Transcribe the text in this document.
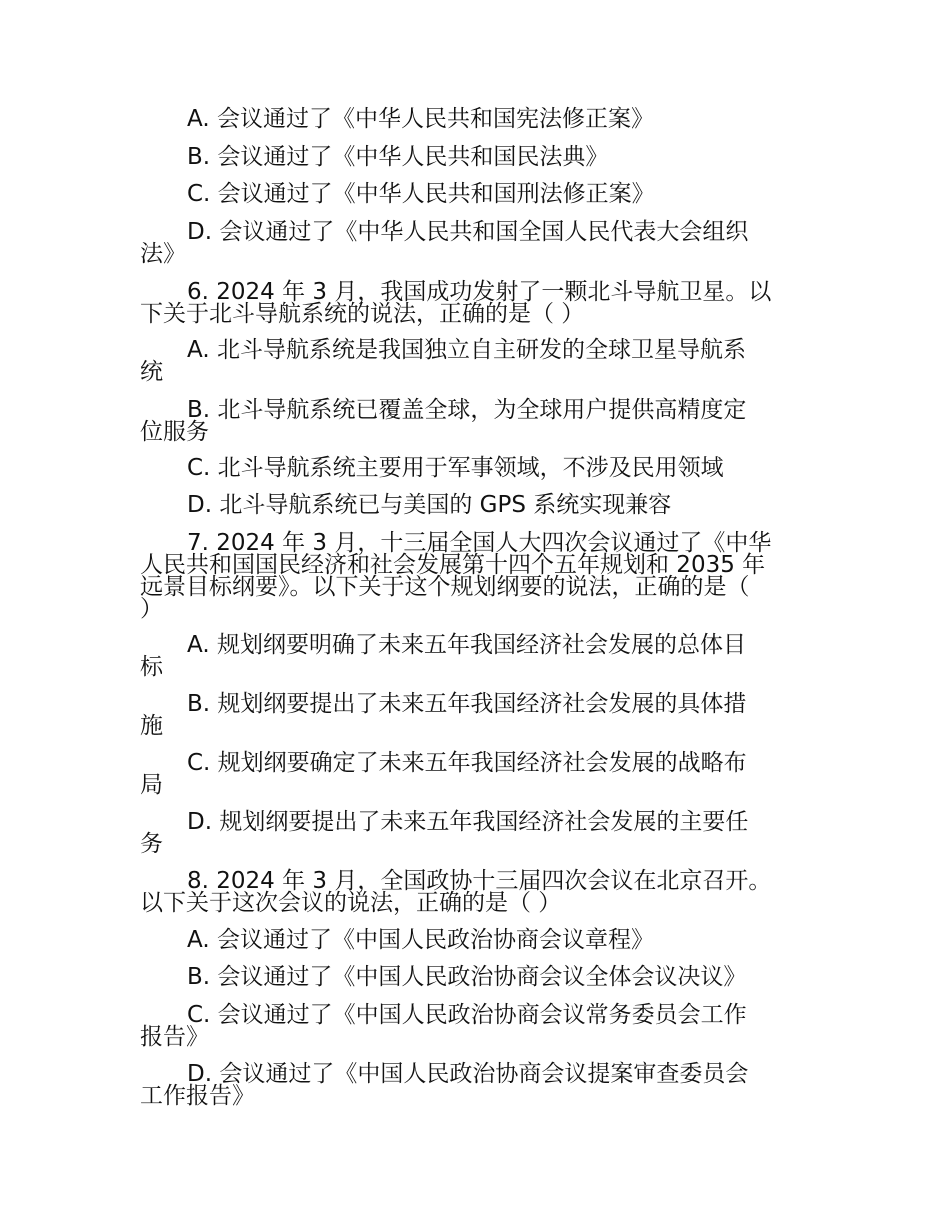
A. 会议通过了《中华人民共和国宪法修正案》
B. 会议通过了《中华人民共和国民法典》
C. 会议通过了《中华人民共和国刑法修正案》
D. 会议通过了《中华人民共和国全国人民代表大会组织
法》
6. 2024 年 3 月，我国成功发射了一颗北斗导航卫星。以
下关于北斗导航系统的说法，正确的是（ ）
A. 北斗导航系统是我国独立自主研发的全球卫星导航系
统
B. 北斗导航系统已覆盖全球，为全球用户提供高精度定
位服务
C. 北斗导航系统主要用于军事领域，不涉及民用领域
D. 北斗导航系统已与美国的 GPS 系统实现兼容
7. 2024 年 3 月，十三届全国人大四次会议通过了《中华
人民共和国国民经济和社会发展第十四个五年规划和 2035 年
远景目标纲要》。以下关于这个规划纲要的说法，正确的是（
）
A. 规划纲要明确了未来五年我国经济社会发展的总体目
标
B. 规划纲要提出了未来五年我国经济社会发展的具体措
施
C. 规划纲要确定了未来五年我国经济社会发展的战略布
局
D. 规划纲要提出了未来五年我国经济社会发展的主要任
务
8. 2024 年 3 月，全国政协十三届四次会议在北京召开。
以下关于这次会议的说法，正确的是（ ）
A. 会议通过了《中国人民政治协商会议章程》
B. 会议通过了《中国人民政治协商会议全体会议决议》
C. 会议通过了《中国人民政治协商会议常务委员会工作
报告》
D. 会议通过了《中国人民政治协商会议提案审查委员会
工作报告》
